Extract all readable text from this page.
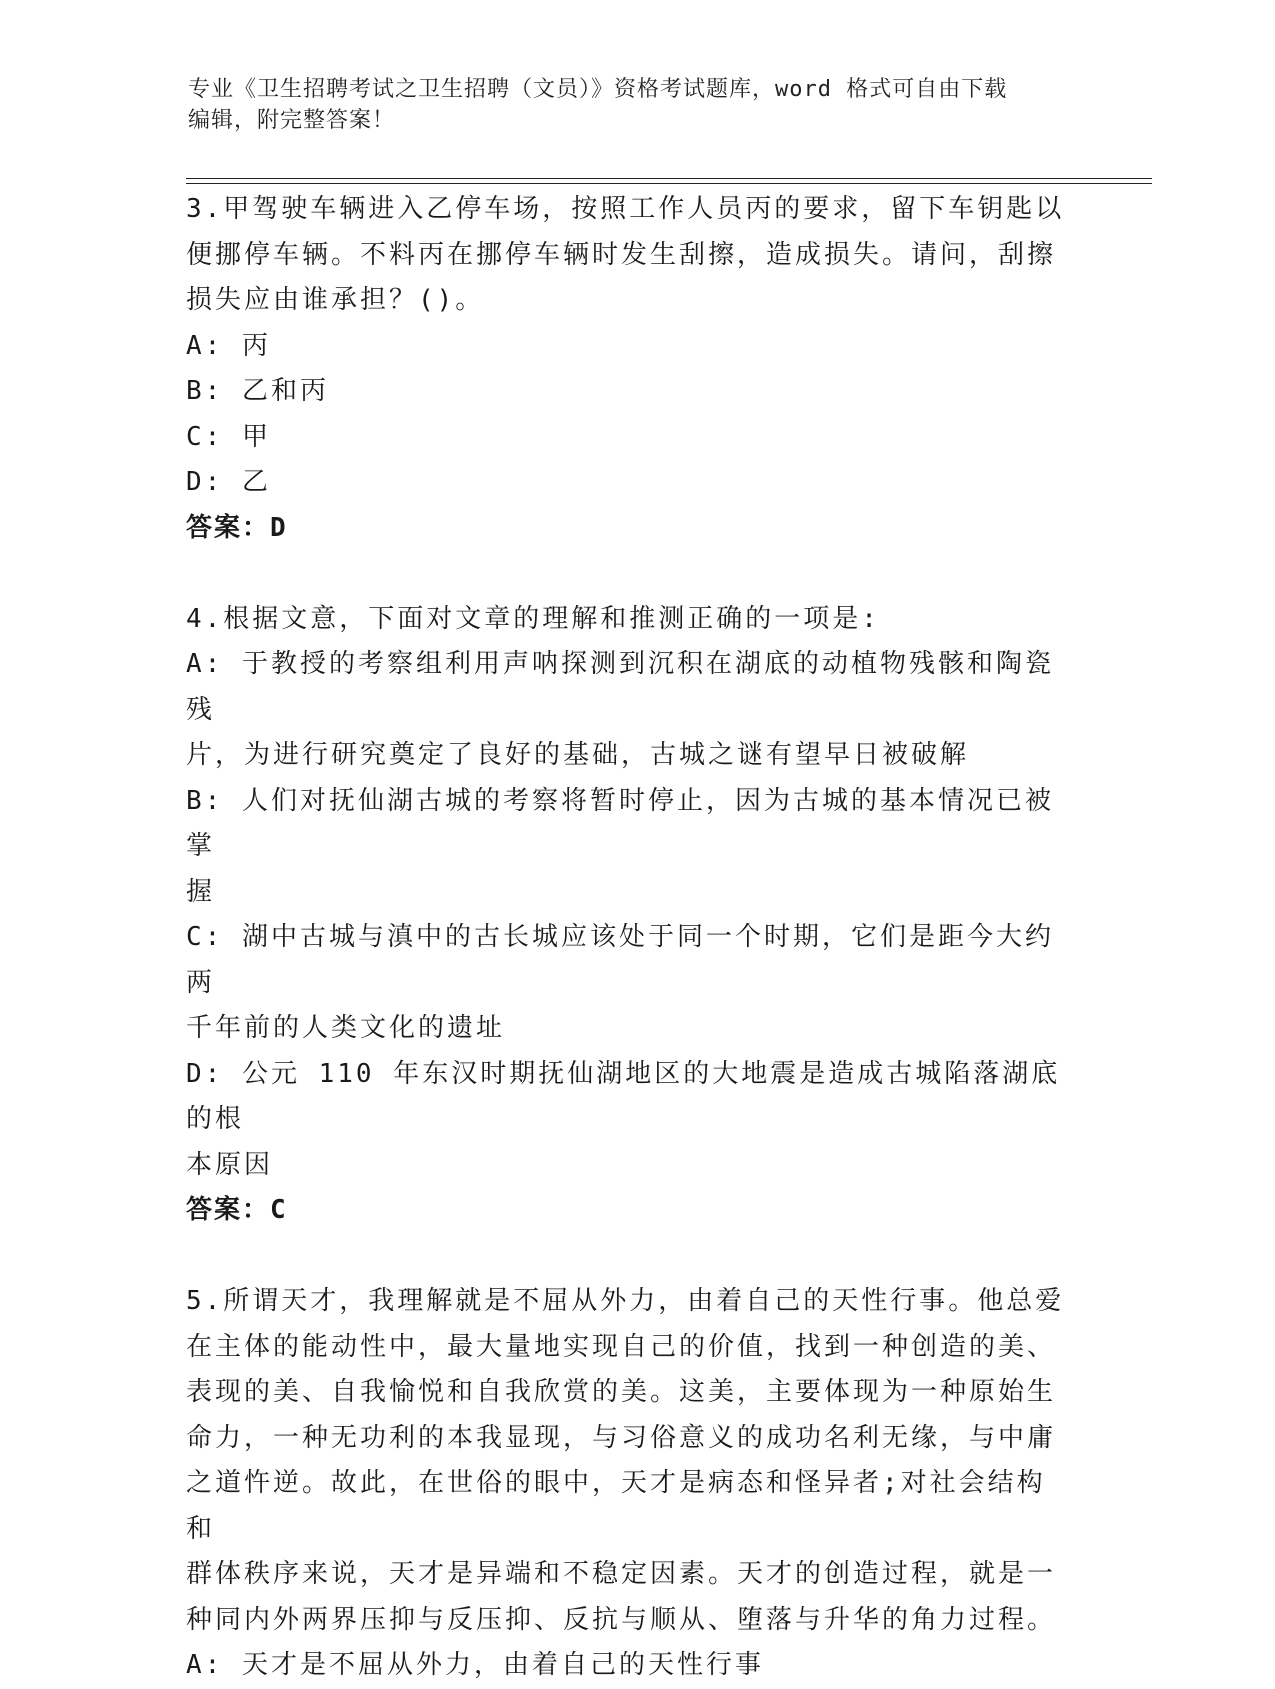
专业《卫生招聘考试之卫生招聘（文员）》资格考试题库，word 格式可自由下载
编辑，附完整答案！

3.甲驾驶车辆进入乙停车场，按照工作人员丙的要求，留下车钥匙以

便挪停车辆。不料丙在挪停车辆时发生刮擦，造成损失。请问，刮擦

损失应由谁承担？()。

A: 丙

B: 乙和丙

C: 甲

D: 乙

答案：D

4.根据文意，下面对文章的理解和推测正确的一项是:

A: 于教授的考察组利用声呐探测到沉积在湖底的动植物残骸和陶瓷残

片，为进行研究奠定了良好的基础，古城之谜有望早日被破解

B: 人们对抚仙湖古城的考察将暂时停止，因为古城的基本情况已被掌

握

C: 湖中古城与滇中的古长城应该处于同一个时期，它们是距今大约两

千年前的人类文化的遗址

D: 公元 110 年东汉时期抚仙湖地区的大地震是造成古城陷落湖底的根

本原因

答案：C

5.所谓天才，我理解就是不屈从外力，由着自己的天性行事。他总爱

在主体的能动性中，最大量地实现自己的价值，找到一种创造的美、

表现的美、自我愉悦和自我欣赏的美。这美，主要体现为一种原始生

命力，一种无功利的本我显现，与习俗意义的成功名利无缘，与中庸

之道忤逆。故此，在世俗的眼中，天才是病态和怪异者;对社会结构和

群体秩序来说，天才是异端和不稳定因素。天才的创造过程，就是一

种同内外两界压抑与反压抑、反抗与顺从、堕落与升华的角力过程。

A: 天才是不屈从外力，由着自己的天性行事
